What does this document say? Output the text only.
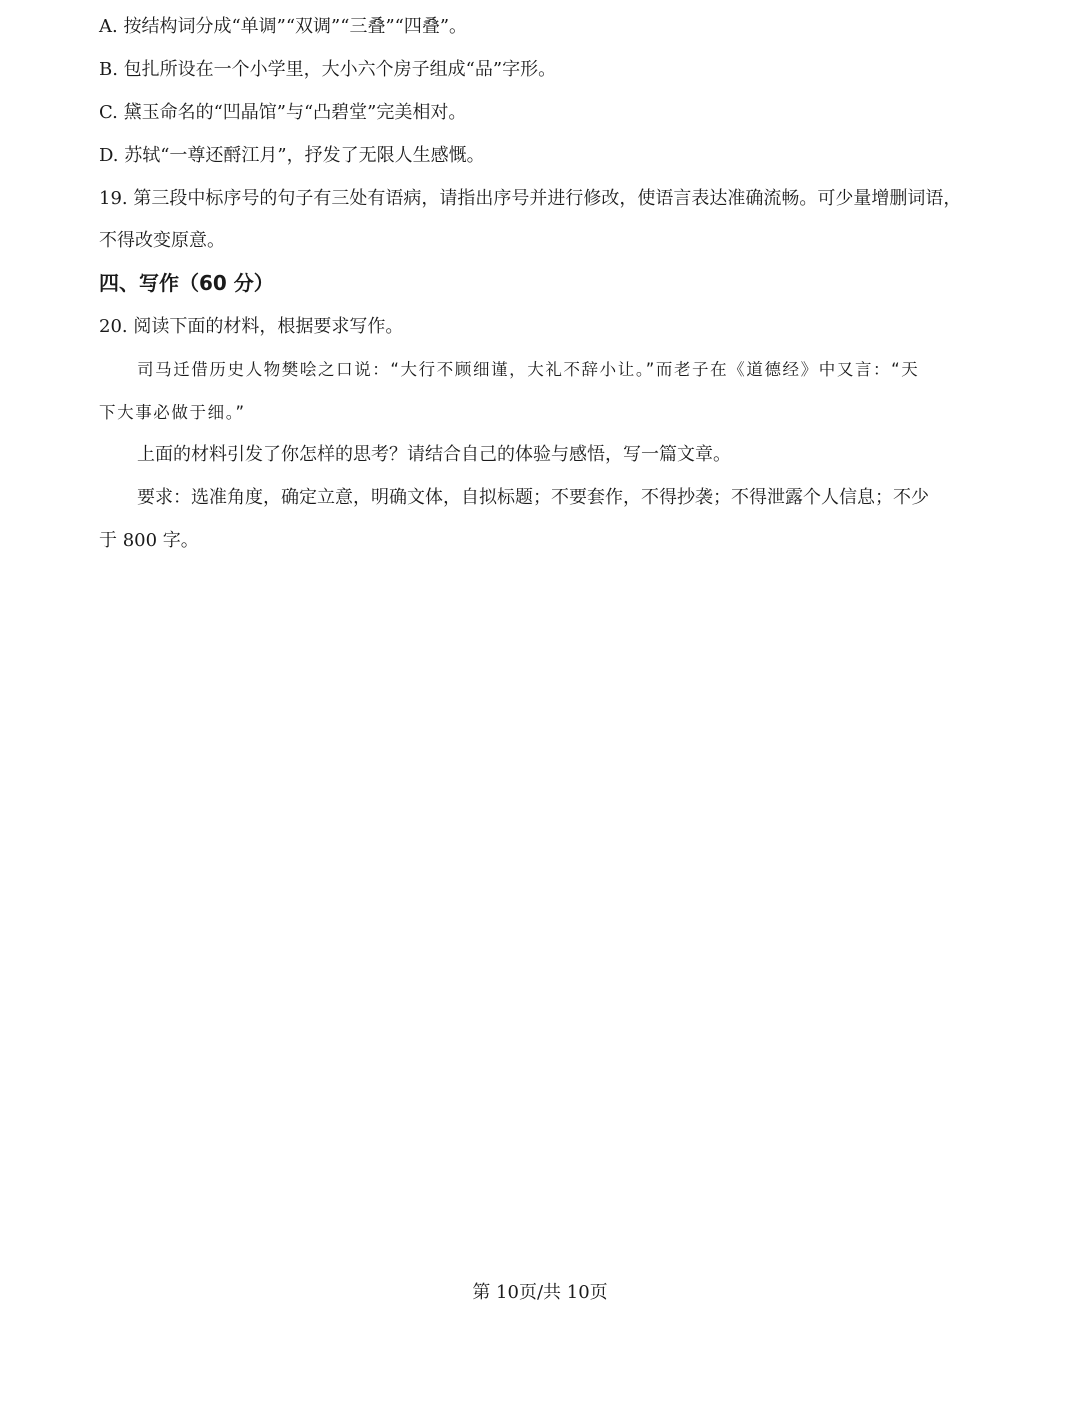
A. 按结构词分成“单调”“双调”“三叠”“四叠”。
B. 包扎所设在一个小学里，大小六个房子组成“品”字形。
C. 黛玉命名的“凹晶馆”与“凸碧堂”完美相对。
D. 苏轼“一尊还酹江月”，抒发了无限人生感慨。
19. 第三段中标序号的句子有三处有语病，请指出序号并进行修改，使语言表达准确流畅。可少量增删词语，
不得改变原意。
四、写作（60 分）
20. 阅读下面的材料，根据要求写作。
司马迁借历史人物樊哙之口说：“大行不顾细谨，大礼不辞小让。”而老子在《道德经》中又言：“天
下大事必做于细。”
上面的材料引发了你怎样的思考？请结合自己的体验与感悟，写一篇文章。
要求：选准角度，确定立意，明确文体，自拟标题；不要套作，不得抄袭；不得泄露个人信息；不少
于 800 字。
第 10页/共 10页
